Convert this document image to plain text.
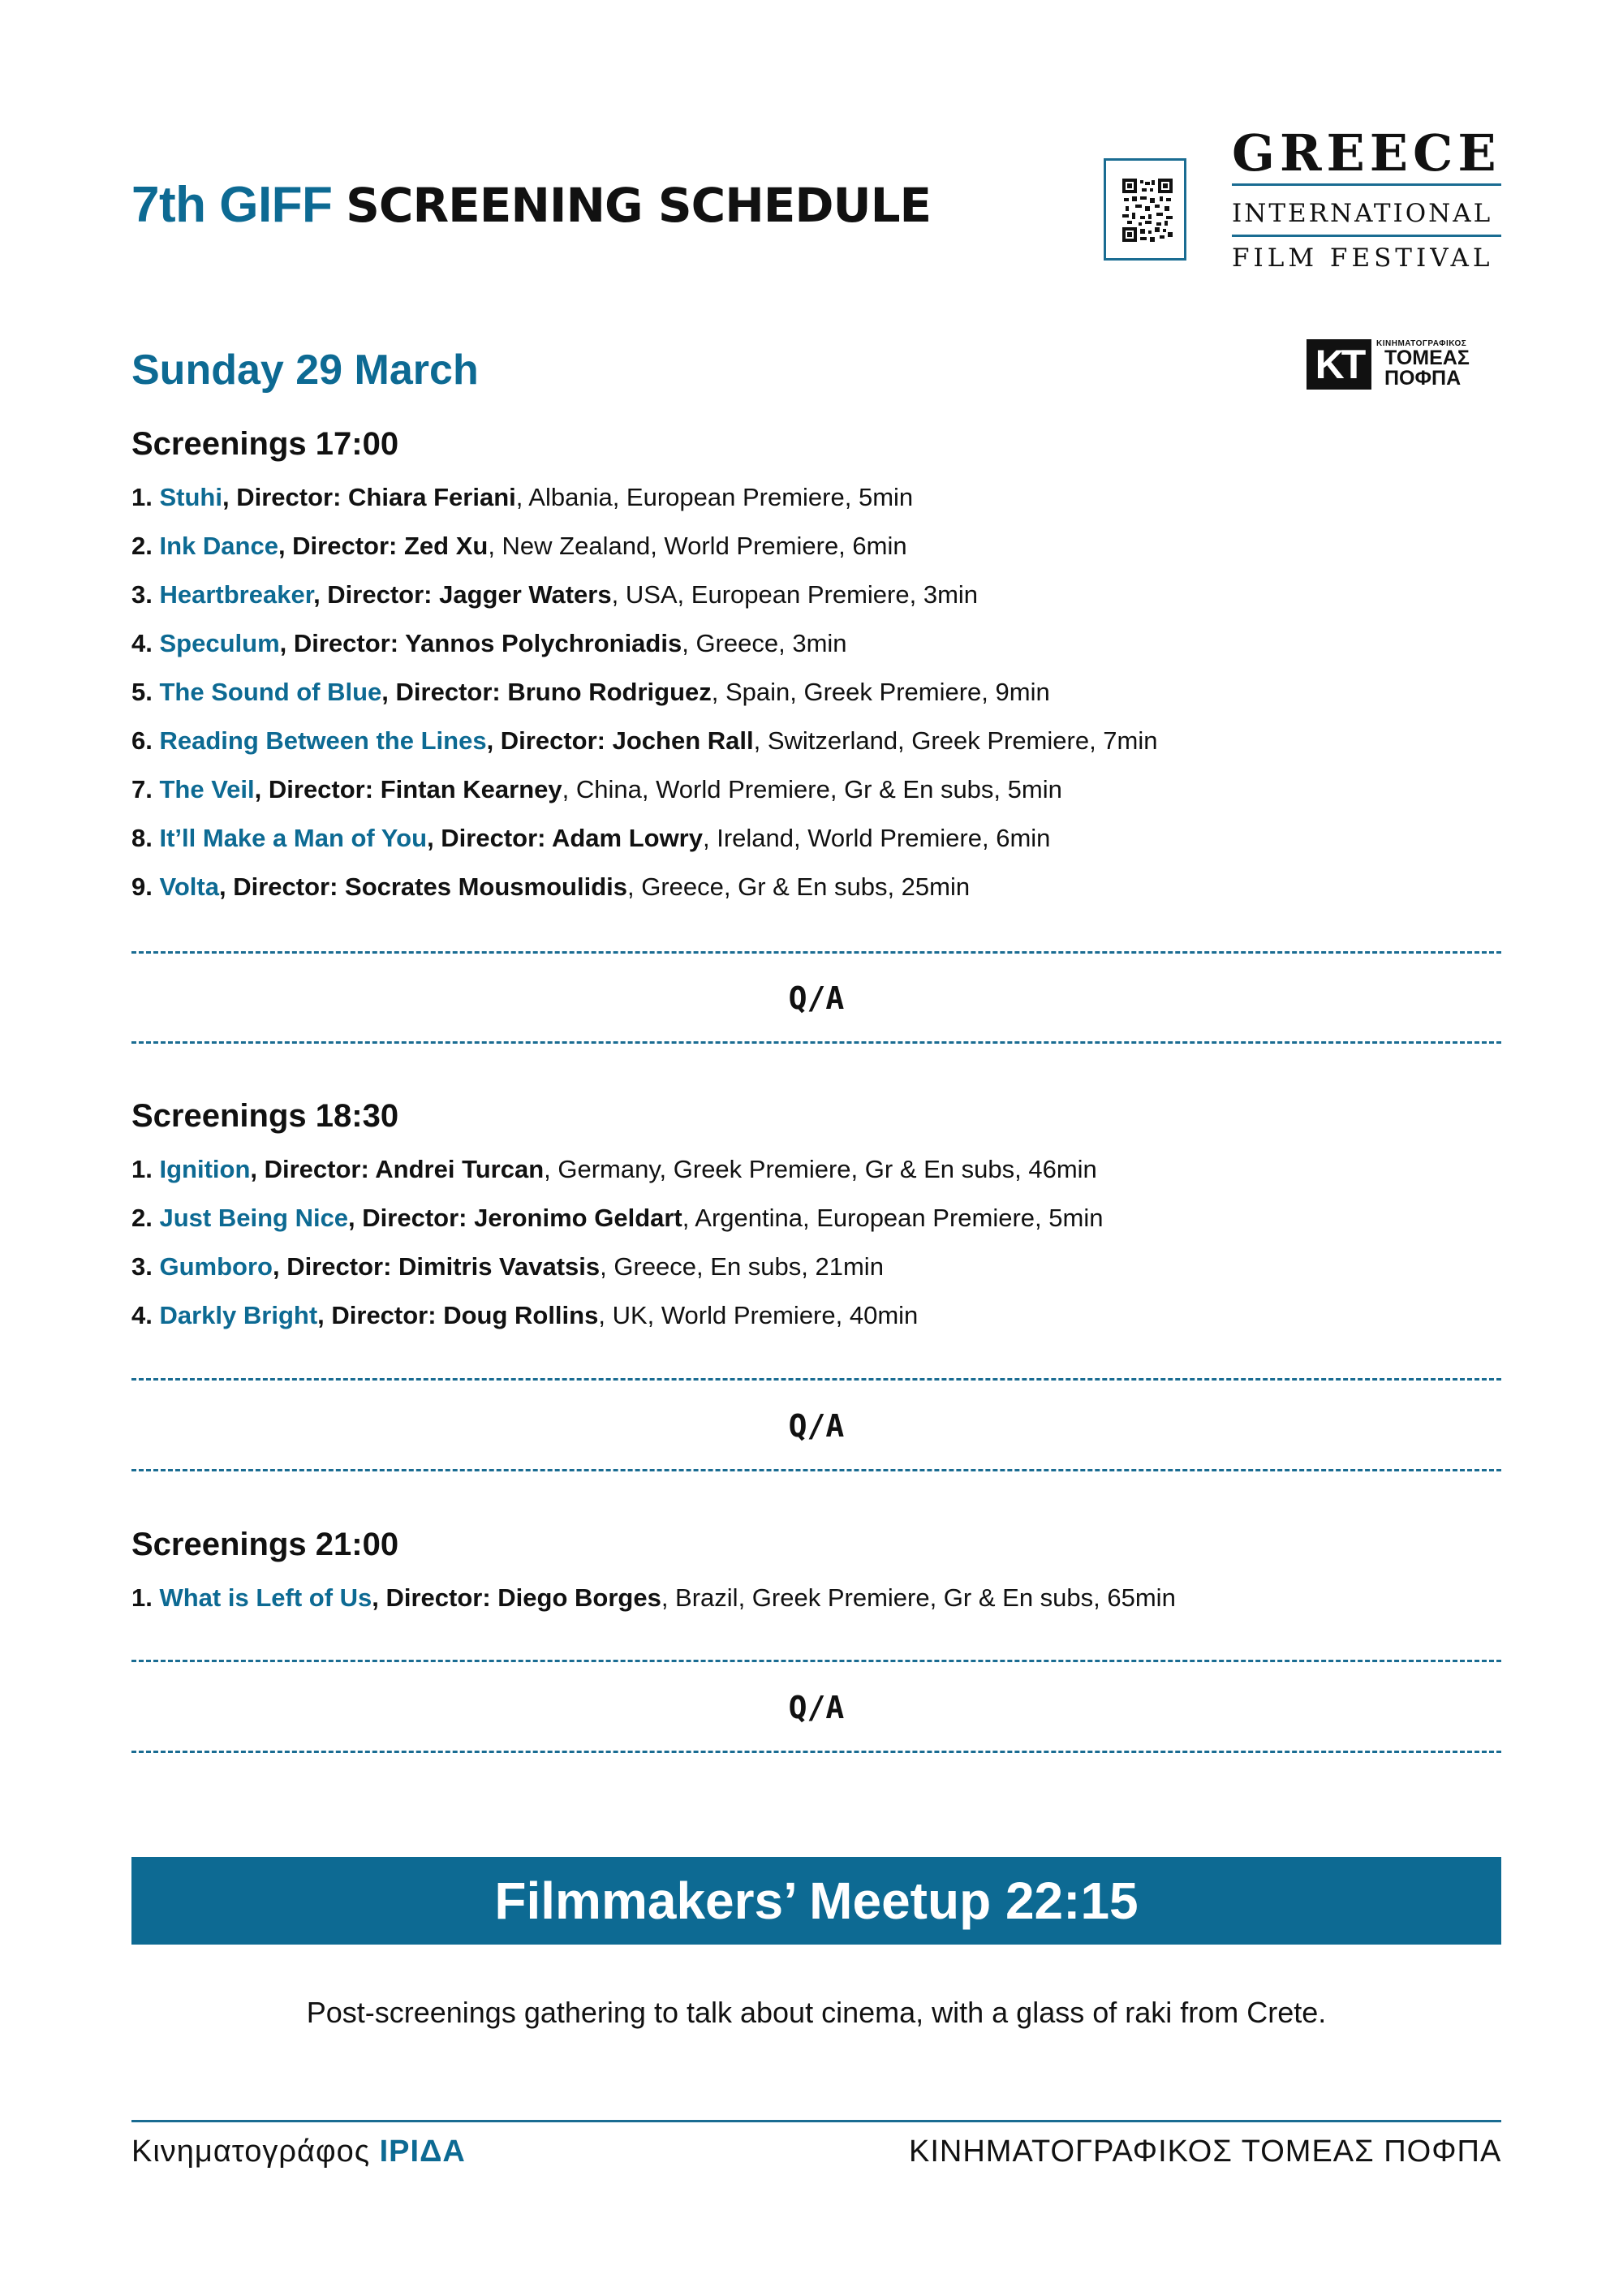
7th GIFF SCREENING SCHEDULE
GREECE
INTERNATIONAL
FILM FESTIVAL
KT	ΚΙΝΗΜΑΤΟΓΡΑΦΙΚΟΣ
ΤΟΜΕΑΣ
ΠΟΦΠΑ
Sunday 29 March
Screenings 17:00
1. Stuhi, Director: Chiara Feriani, Albania, European Premiere, 5min
2. Ink Dance, Director: Zed Xu, New Zealand, World Premiere, 6min
3. Heartbreaker, Director: Jagger Waters, USA, European Premiere, 3min
4. Speculum, Director: Yannos Polychroniadis, Greece, 3min
5. The Sound of Blue, Director: Bruno Rodriguez, Spain, Greek Premiere, 9min
6. Reading Between the Lines, Director: Jochen Rall, Switzerland, Greek Premiere, 7min
7. The Veil, Director: Fintan Kearney, China, World Premiere, Gr & En subs, 5min
8. It’ll Make a Man of You, Director: Adam Lowry, Ireland, World Premiere, 6min
9. Volta, Director: Socrates Mousmoulidis, Greece, Gr & En subs, 25min
Q/A
Screenings 18:30
1. Ignition, Director: Andrei Turcan, Germany, Greek Premiere, Gr & En subs, 46min
2. Just Being Nice, Director: Jeronimo Geldart, Argentina, European Premiere, 5min
3. Gumboro, Director: Dimitris Vavatsis, Greece, En subs, 21min
4. Darkly Bright, Director: Doug Rollins, UK, World Premiere, 40min
Q/A
Screenings 21:00
1. What is Left of Us, Director: Diego Borges, Brazil, Greek Premiere, Gr & En subs, 65min
Q/A
Filmmakers’ Meetup 22:15
Post-screenings gathering to talk about cinema, with a glass of raki from Crete.
Κινηματογράφος ΙΡΙΔΑ	ΚΙΝΗΜΑΤΟΓΡΑΦΙΚΟΣ ΤΟΜΕΑΣ ΠΟΦΠΑ
